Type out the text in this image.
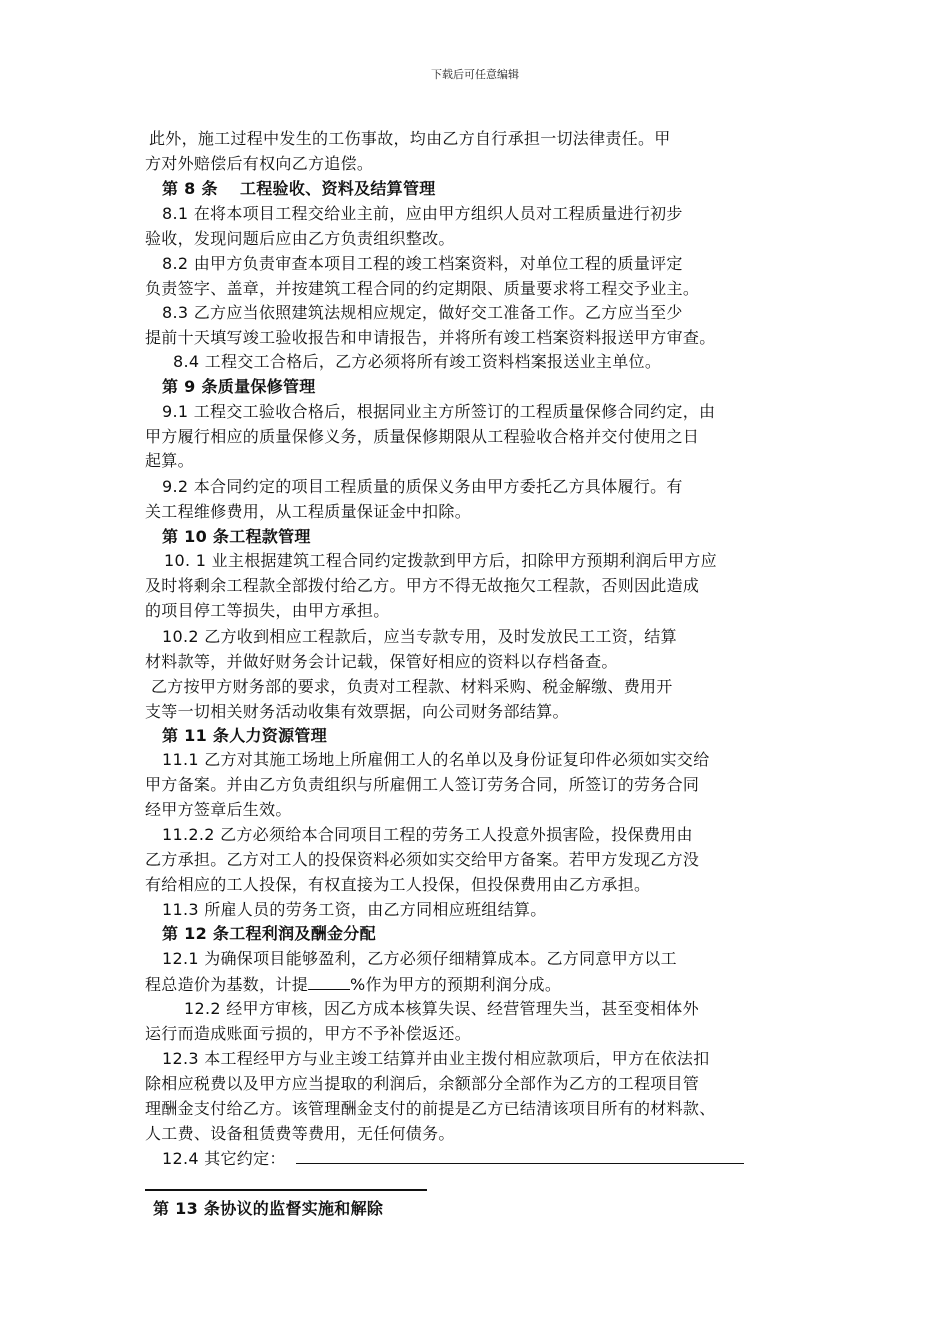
下载后可任意编辑
此外，施工过程中发生的工伤事故，均由乙方自行承担一切法律责任。甲
方对外赔偿后有权向乙方追偿。
第 8 条　 工程验收、资料及结算管理
8.1 在将本项目工程交给业主前，应由甲方组织人员对工程质量进行初步
验收，发现问题后应由乙方负责组织整改。
8.2 由甲方负责审查本项目工程的竣工档案资料，对单位工程的质量评定
负责签字、盖章，并按建筑工程合同的约定期限、质量要求将工程交予业主。
8.3 乙方应当依照建筑法规相应规定，做好交工准备工作。乙方应当至少
提前十天填写竣工验收报告和申请报告，并将所有竣工档案资料报送甲方审查。
8.4 工程交工合格后，乙方必须将所有竣工资料档案报送业主单位。
第 9 条质量保修管理
9.1 工程交工验收合格后，根据同业主方所签订的工程质量保修合同约定，由
甲方履行相应的质量保修义务，质量保修期限从工程验收合格并交付使用之日
起算。
9.2 本合同约定的项目工程质量的质保义务由甲方委托乙方具体履行。有
关工程维修费用，从工程质量保证金中扣除。
第 10 条工程款管理
10. 1 业主根据建筑工程合同约定拨款到甲方后，扣除甲方预期利润后甲方应
及时将剩余工程款全部拨付给乙方。甲方不得无故拖欠工程款，否则因此造成
的项目停工等损失，由甲方承担。
10.2 乙方收到相应工程款后，应当专款专用，及时发放民工工资，结算
材料款等，并做好财务会计记载，保管好相应的资料以存档备查。
乙方按甲方财务部的要求，负责对工程款、材料采购、税金解缴、费用开
支等一切相关财务活动收集有效票据，向公司财务部结算。
第 11 条人力资源管理
11.1 乙方对其施工场地上所雇佣工人的名单以及身份证复印件必须如实交给
甲方备案。并由乙方负责组织与所雇佣工人签订劳务合同，所签订的劳务合同
经甲方签章后生效。
11.2.2 乙方必须给本合同项目工程的劳务工人投意外损害险，投保费用由
乙方承担。乙方对工人的投保资料必须如实交给甲方备案。若甲方发现乙方没
有给相应的工人投保，有权直接为工人投保，但投保费用由乙方承担。
11.3 所雇人员的劳务工资，由乙方同相应班组结算。
第 12 条工程利润及酬金分配
12.1 为确保项目能够盈利，乙方必须仔细精算成本。乙方同意甲方以工
程总造价为基数，计提	%作为甲方的预期利润分成。
12.2 经甲方审核，因乙方成本核算失误、经营管理失当，甚至变相体外
运行而造成账面亏损的，甲方不予补偿返还。
12.3 本工程经甲方与业主竣工结算并由业主拨付相应款项后，甲方在依法扣
除相应税费以及甲方应当提取的利润后，余额部分全部作为乙方的工程项目管
理酬金支付给乙方。该管理酬金支付的前提是乙方已结清该项目所有的材料款、
人工费、设备租赁费等费用，无任何债务。
12.4 其它约定：
第 13 条协议的监督实施和解除
